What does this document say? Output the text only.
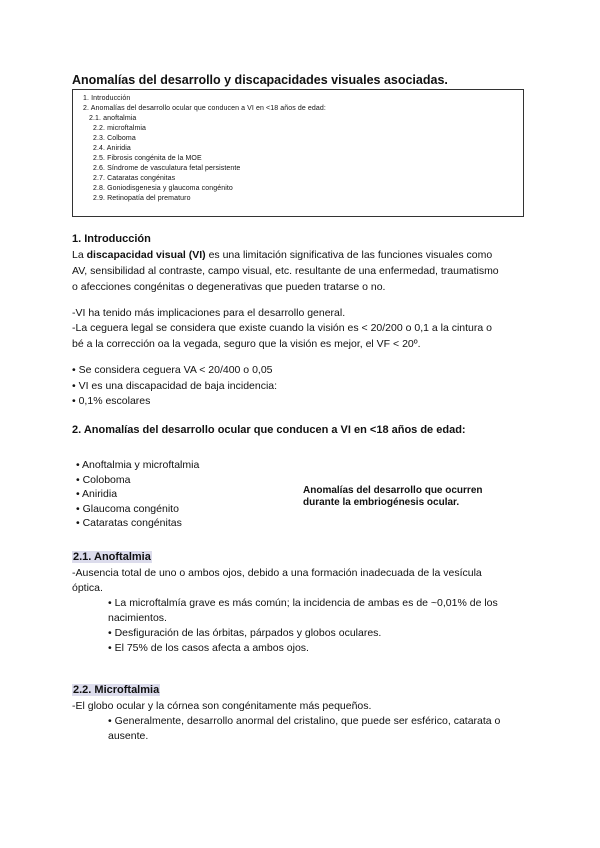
Anomalías del desarrollo y discapacidades visuales asociadas.
1. Introducción
2. Anomalías del desarrollo ocular que conducen a VI en <18 años de edad:
2.1. anoftalmia
2.2. microftalmia
2.3. Colboma
2.4. Aniridia
2.5. Fibrosis congénita de la MOE
2.6. Síndrome de vasculatura fetal persistente
2.7. Cataratas congénitas
2.8. Goniodisgenesia y glaucoma congénito
2.9. Retinopatía del prematuro
1. Introducción
La discapacidad visual (VI) es una limitación significativa de las funciones visuales como
AV, sensibilidad al contraste, campo visual, etc. resultante de una enfermedad, traumatismo
o afecciones congénitas o degenerativas que pueden tratarse o no.
-VI ha tenido más implicaciones para el desarrollo general.
-La ceguera legal se considera que existe cuando la visión es < 20/200 o 0,1 a la cintura o
bé a la corrección oa la vegada, seguro que la visión es mejor, el VF < 20º.
• Se considera ceguera VA < 20/400 o 0,05
• VI es una discapacidad de baja incidencia:
• 0,1% escolares
2. Anomalías del desarrollo ocular que conducen a VI en <18 años de edad:
• Anoftalmia y microftalmia
• Coloboma
• Aniridia
• Glaucoma congénito
• Cataratas congénitas
Anomalías del desarrollo que ocurren
durante la embriogénesis ocular.
2.1. Anoftalmia
-Ausencia total de uno o ambos ojos, debido a una formación inadecuada de la vesícula
óptica.
• La microftalmía grave es más común; la incidencia de ambas es de ~0,01% de los
nacimientos.
• Desfiguración de las órbitas, párpados y globos oculares.
• El 75% de los casos afecta a ambos ojos.
2.2. Microftalmia
-El globo ocular y la córnea son congénitamente más pequeños.
• Generalmente, desarrollo anormal del cristalino, que puede ser esférico, catarata o
ausente.
